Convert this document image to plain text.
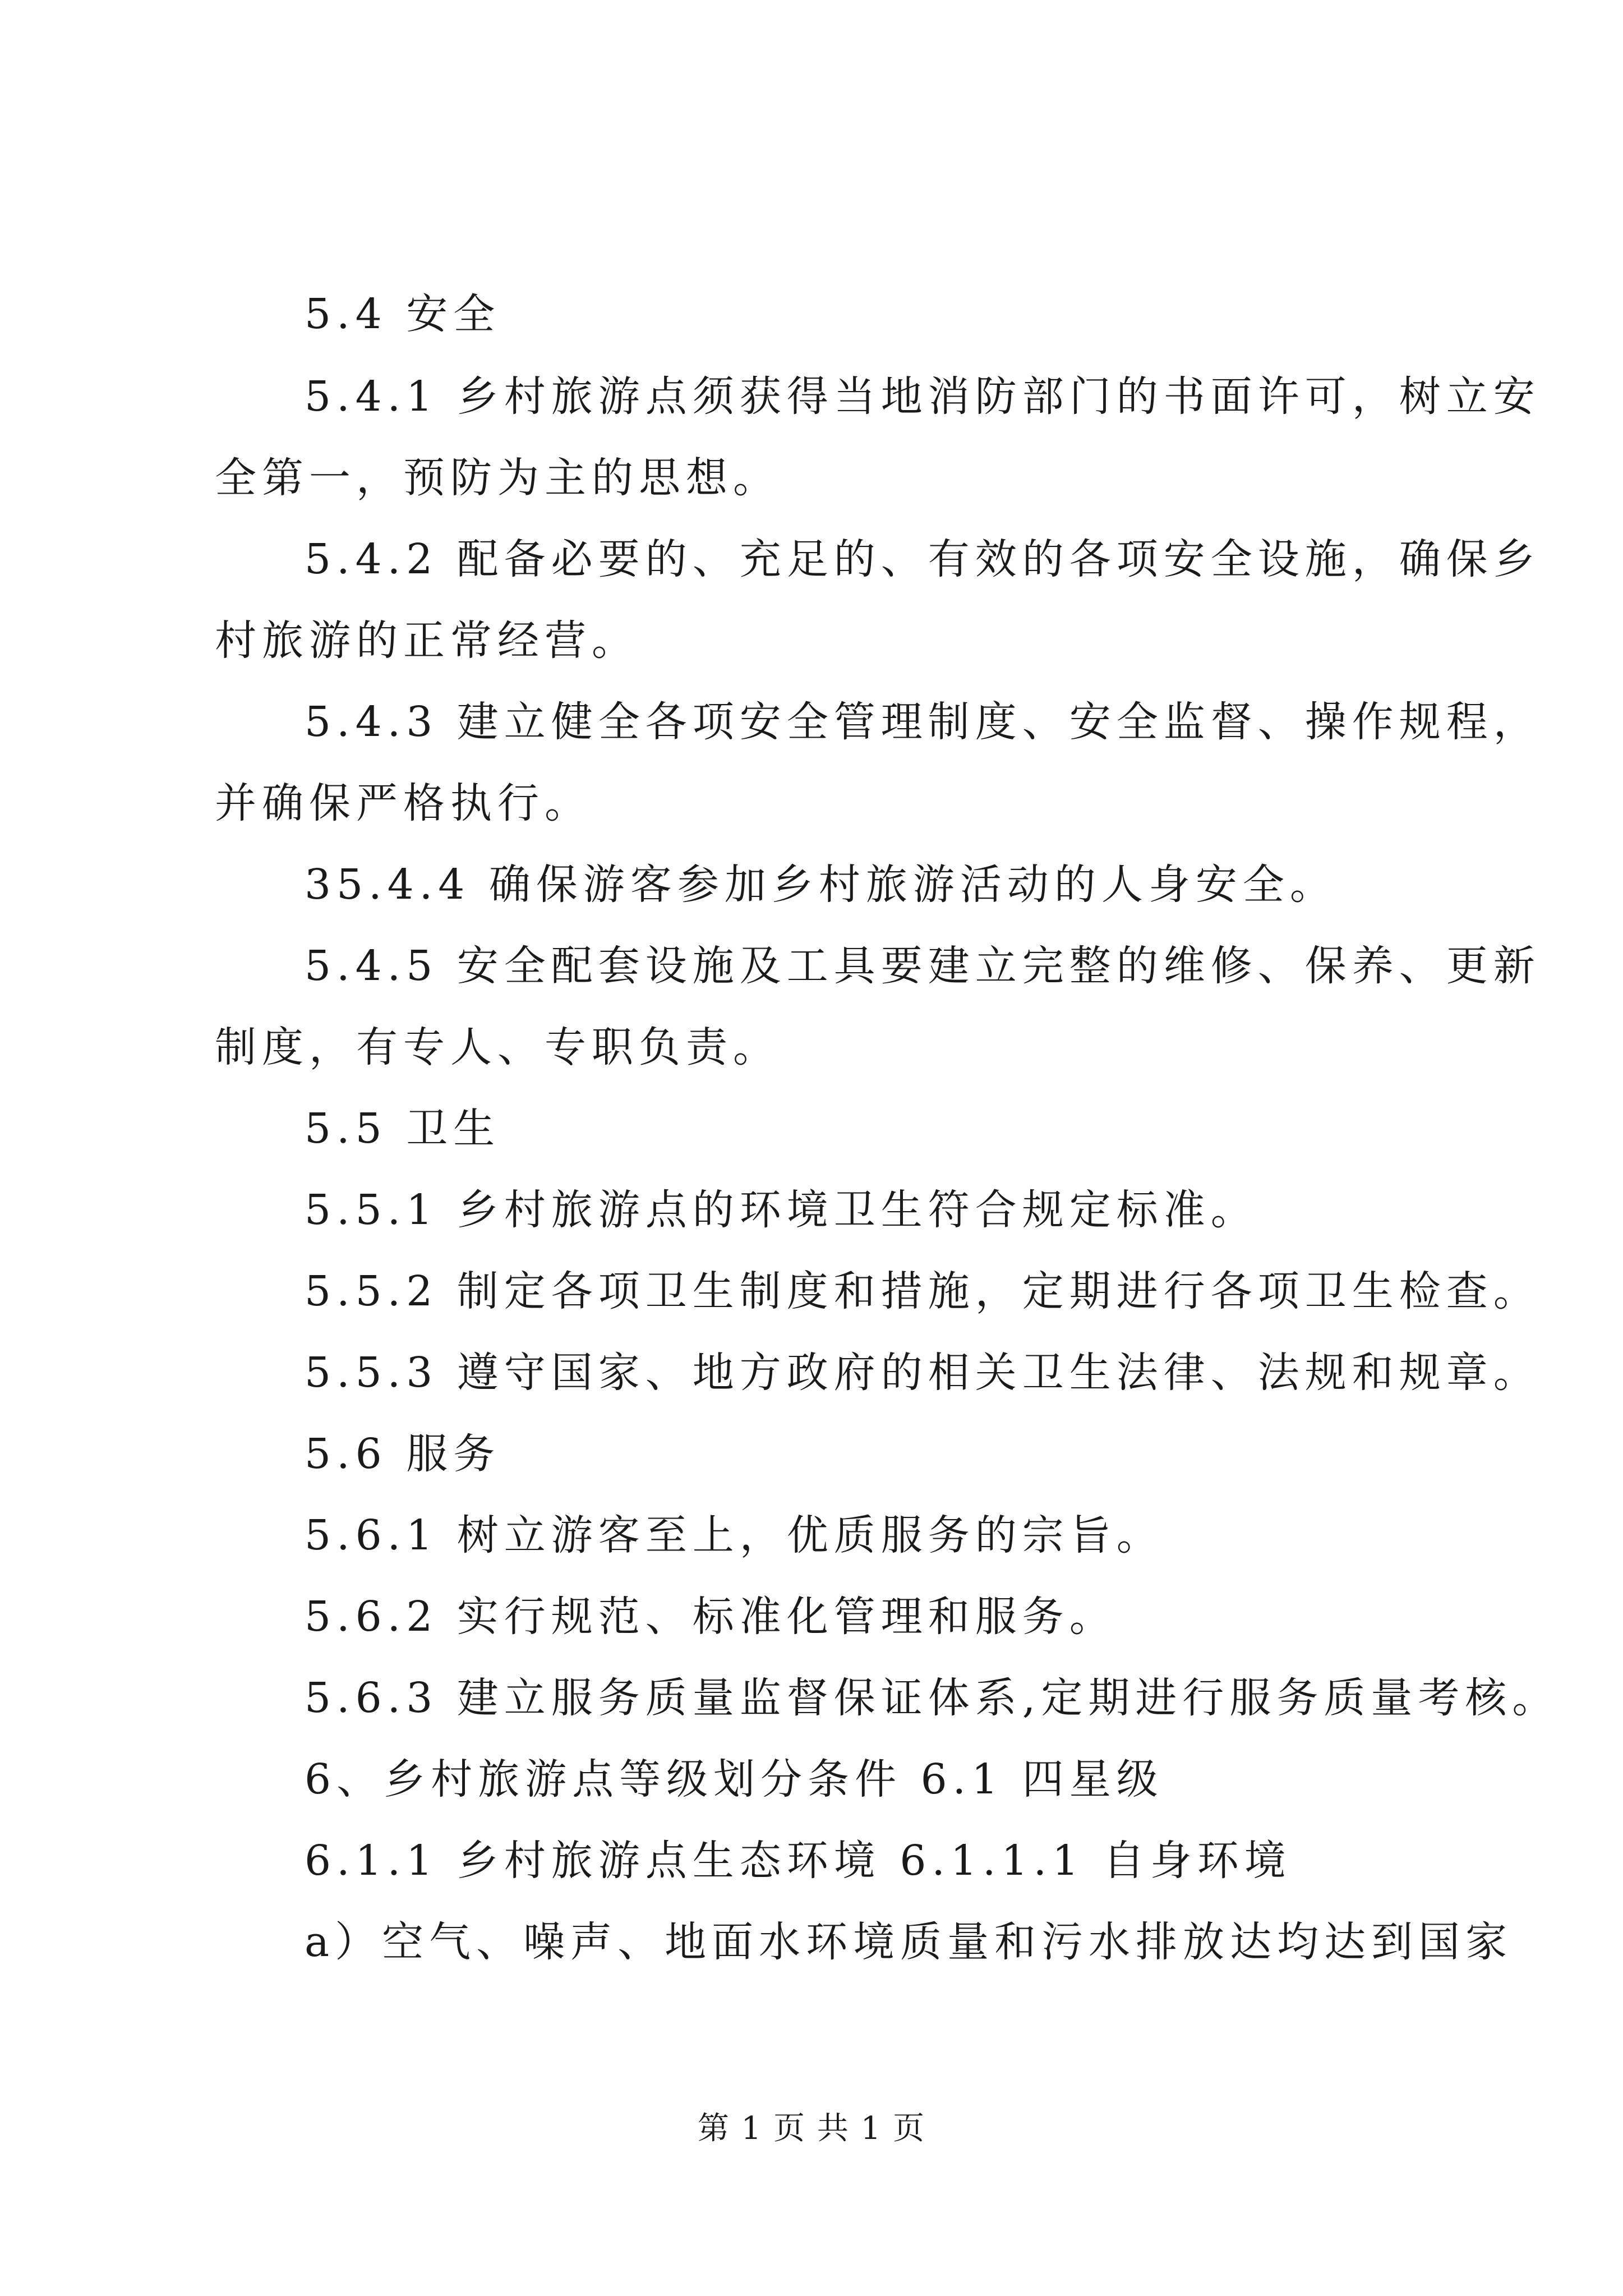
5.4 安全
5.4.1 乡村旅游点须获得当地消防部门的书面许可，树立安
全第一，预防为主的思想。
5.4.2 配备必要的、充足的、有效的各项安全设施，确保乡
村旅游的正常经营。
5.4.3 建立健全各项安全管理制度、安全监督、操作规程，
并确保严格执行。
35.4.4 确保游客参加乡村旅游活动的人身安全。
5.4.5 安全配套设施及工具要建立完整的维修、保养、更新
制度，有专人、专职负责。
5.5 卫生
5.5.1 乡村旅游点的环境卫生符合规定标准。
5.5.2 制定各项卫生制度和措施，定期进行各项卫生检查。
5.5.3 遵守国家、地方政府的相关卫生法律、法规和规章。
5.6 服务
5.6.1 树立游客至上，优质服务的宗旨。
5.6.2 实行规范、标准化管理和服务。
5.6.3 建立服务质量监督保证体系,定期进行服务质量考核。
6、乡村旅游点等级划分条件 6.1 四星级
6.1.1 乡村旅游点生态环境 6.1.1.1 自身环境
a）空气、噪声、地面水环境质量和污水排放达均达到国家
第 1 页 共 1 页
